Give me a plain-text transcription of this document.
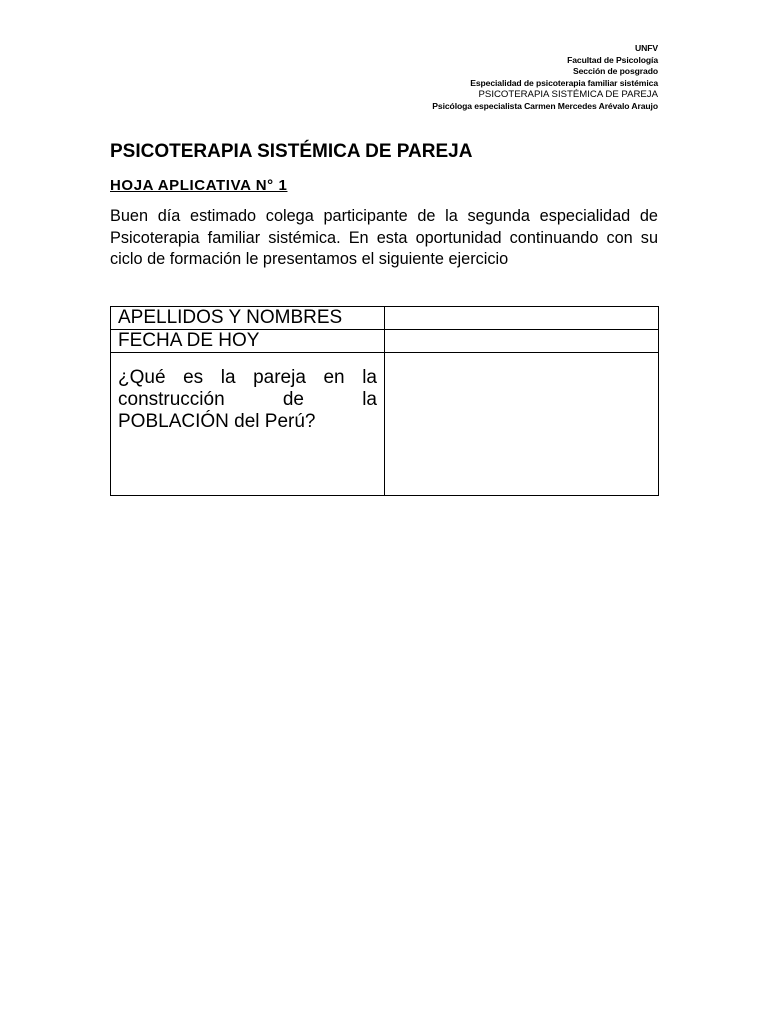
UNFV
Facultad de Psicología
Sección de posgrado
Especialidad de psicoterapia familiar sistémica
PSICOTERAPIA SISTÉMICA DE PAREJA
Psicóloga especialista Carmen Mercedes Arévalo Araujo
PSICOTERAPIA SISTÉMICA DE PAREJA
HOJA APLICATIVA N° 1

Buen día estimado colega participante de la segunda especialidad de Psicoterapia familiar sistémica. En esta oportunidad continuando con su ciclo de formación le presentamos el siguiente ejercicio

APELLIDOS Y NOMBRES	
FECHA DE HOY	
¿Qué es la pareja en la construcción de la POBLACIÓN del Perú?	
